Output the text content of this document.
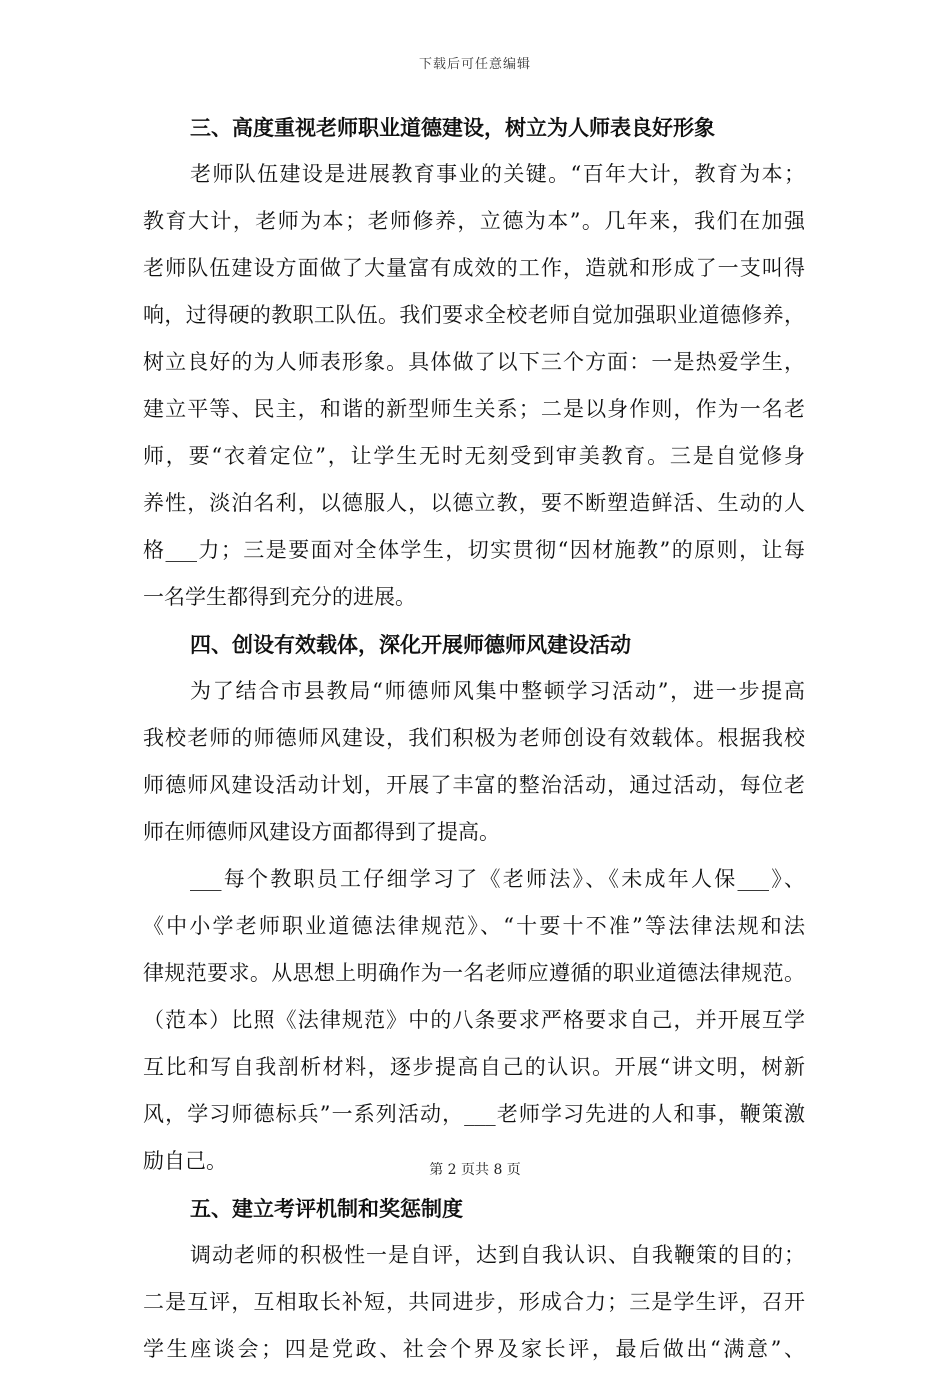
下载后可任意编辑
三、高度重视老师职业道德建设，树立为人师表良好形象
老师队伍建设是进展教育事业的关键。“百年大计，教育为本；
教育大计，老师为本；老师修养，立德为本”。几年来，我们在加强
老师队伍建设方面做了大量富有成效的工作，造就和形成了一支叫得
响，过得硬的教职工队伍。我们要求全校老师自觉加强职业道德修养，
树立良好的为人师表形象。具体做了以下三个方面：一是热爱学生，
建立平等、民主，和谐的新型师生关系；二是以身作则，作为一名老
师，要“衣着定位”，让学生无时无刻受到审美教育。三是自觉修身
养性，淡泊名利，以德服人，以德立教，要不断塑造鲜活、生动的人
格___力；三是要面对全体学生，切实贯彻“因材施教”的原则，让每
一名学生都得到充分的进展。
四、创设有效载体，深化开展师德师风建设活动
为了结合市县教局“师德师风集中整顿学习活动”，进一步提高
我校老师的师德师风建设，我们积极为老师创设有效载体。根据我校
师德师风建设活动计划，开展了丰富的整治活动，通过活动，每位老
师在师德师风建设方面都得到了提高。
___每个教职员工仔细学习了《老师法》、《未成年人保___》、
《中小学老师职业道德法律规范》、“十要十不准”等法律法规和法
律规范要求。从思想上明确作为一名老师应遵循的职业道德法律规范。
（范本）比照《法律规范》中的八条要求严格要求自己，并开展互学
互比和写自我剖析材料，逐步提高自己的认识。开展“讲文明，树新
风，学习师德标兵”一系列活动，___老师学习先进的人和事，鞭策激
励自己。
五、建立考评机制和奖惩制度
调动老师的积极性一是自评，达到自我认识、自我鞭策的目的；
二是互评，互相取长补短，共同进步，形成合力；三是学生评，召开
学生座谈会；四是党政、社会个界及家长评，最后做出“满意”、
第 2 页共 8 页
